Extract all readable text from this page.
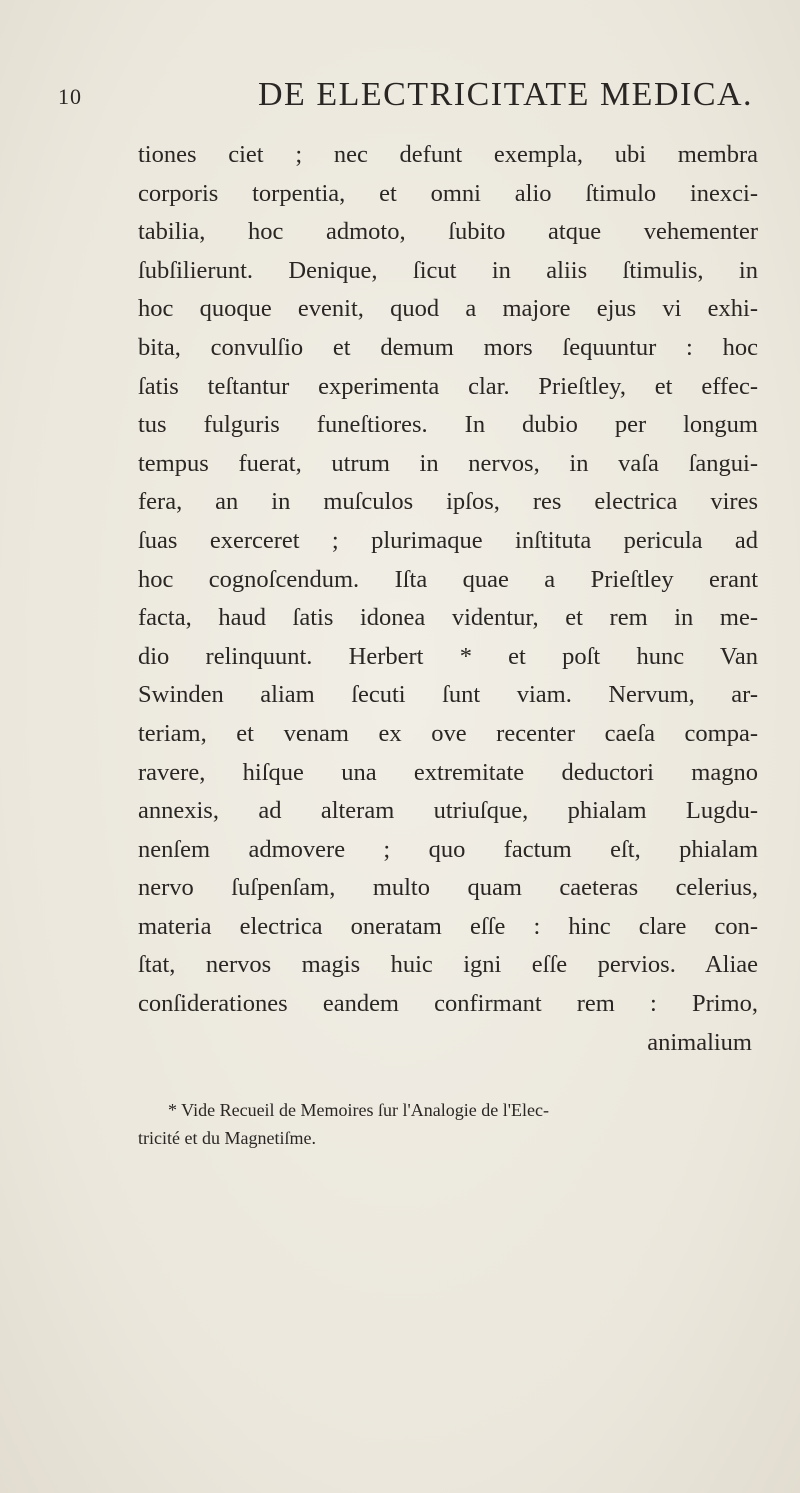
10	DE ELECTRICITATE MEDICA.
tiones ciet ; nec defunt exempla, ubi membra
corporis torpentia, et omni alio ſtimulo inexci-
tabilia, hoc admoto, ſubito atque vehementer
ſubſilierunt. Denique, ſicut in aliis ſtimulis, in
hoc quoque evenit, quod a majore ejus vi exhi-
bita, convulſio et demum mors ſequuntur : hoc
ſatis teſtantur experimenta clar. Prieſtley, et effec-
tus fulguris funeſtiores. In dubio per longum
tempus fuerat, utrum in nervos, in vaſa ſangui-
fera, an in muſculos ipſos, res electrica vires
ſuas exerceret ; plurimaque inſtituta pericula ad
hoc cognoſcendum. Iſta quae a Prieſtley erant
facta, haud ſatis idonea videntur, et rem in me-
dio relinquunt. Herbert * et poſt hunc Van
Swinden aliam ſecuti ſunt viam. Nervum, ar-
teriam, et venam ex ove recenter caeſa compa-
ravere, hiſque una extremitate deductori magno
annexis, ad alteram utriuſque, phialam Lugdu-
nenſem admovere ; quo factum eſt, phialam
nervo ſuſpenſam, multo quam caeteras celerius,
materia electrica oneratam eſſe : hinc clare con-
ſtat, nervos magis huic igni eſſe pervios. Aliae
conſiderationes eandem confirmant rem : Primo,
animalium
* Vide Recueil de Memoires ſur l'Analogie de l'Elec-
tricité et du Magnetiſme.
